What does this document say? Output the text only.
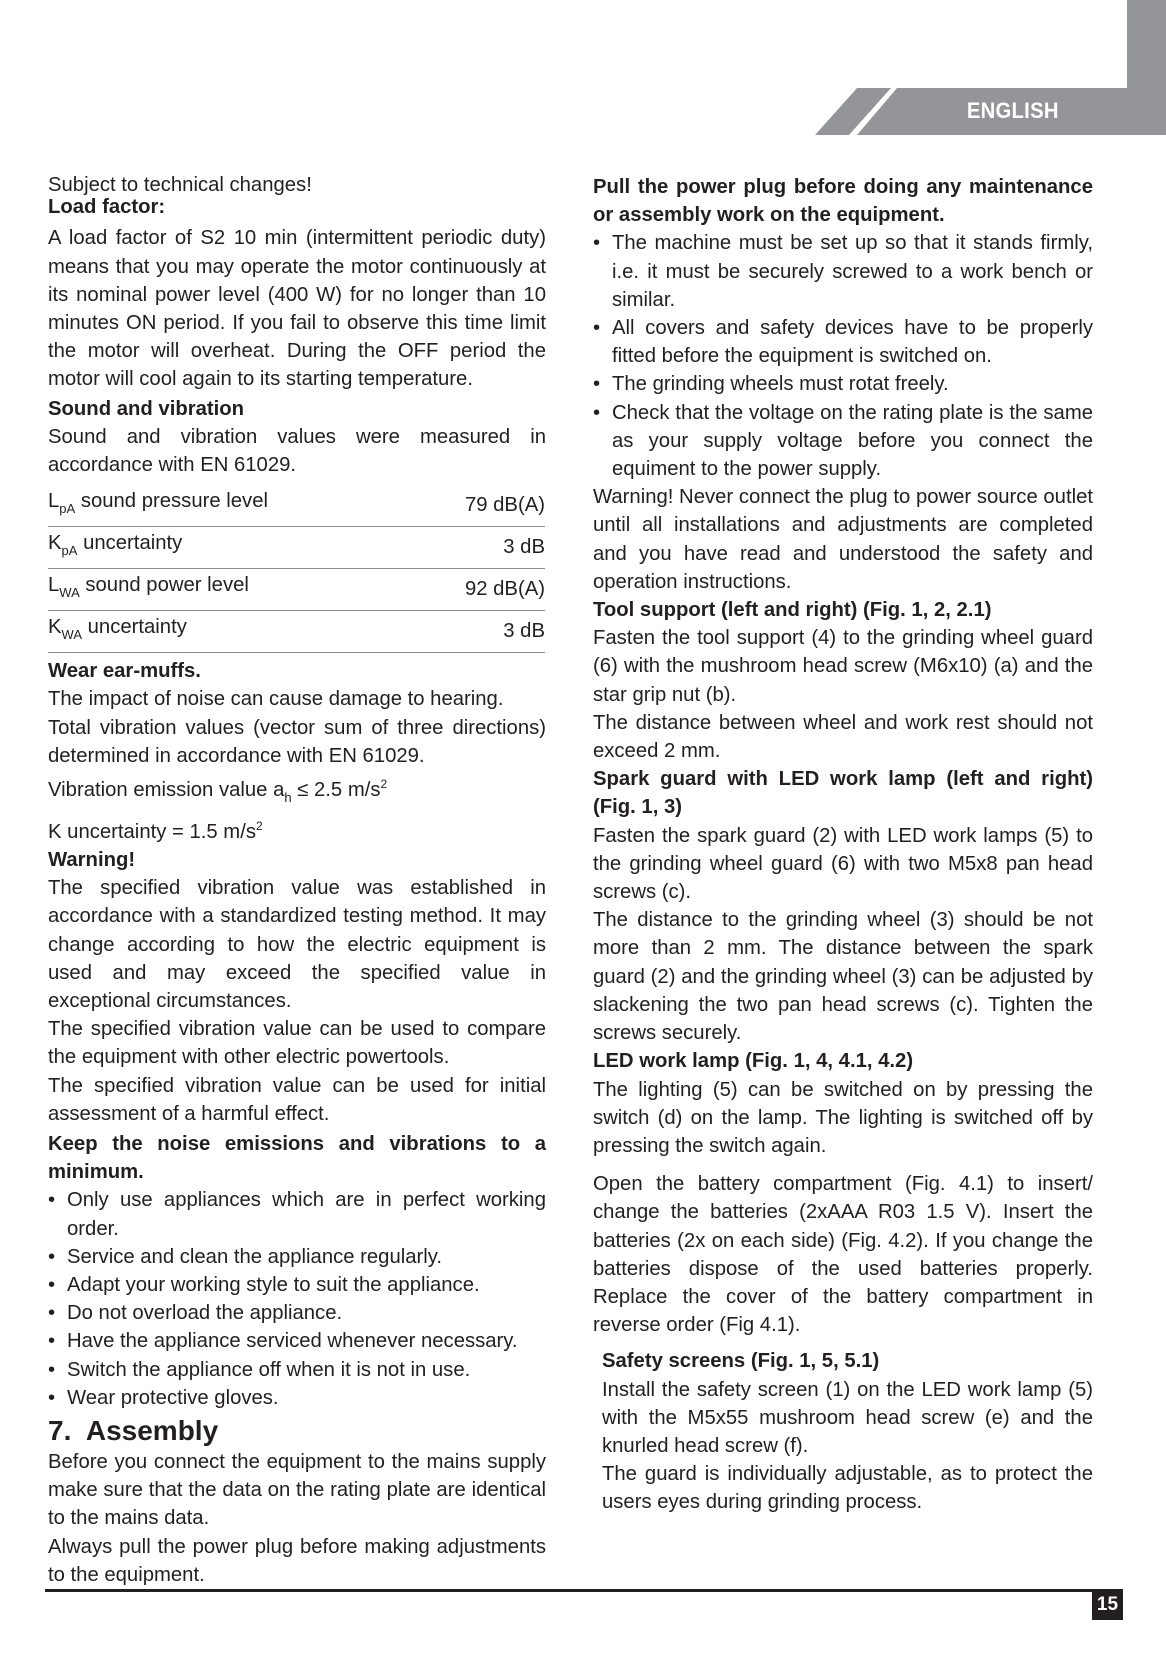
ENGLISH

Subject to technical changes!

Load factor:

A load factor of S2 10 min (intermittent periodic duty) means that you may operate the motor continuously at its nominal power level (400 W) for no longer than 10 minutes ON period. If you fail to observe this time limit the motor will overheat. During the OFF period the motor will cool again to its starting temperature.

Sound and vibration

Sound and vibration values were measured in accordance with EN 61029.

$L_{pA}$ sound pressure level	79 dB(A)
$K_{pA}$ uncertainty	3 dB
$L_{WA}$ sound power level	92 dB(A)
$K_{WA}$ uncertainty	3 dB

Wear ear-muffs.

The impact of noise can cause damage to hearing.

Total vibration values (vector sum of three directions) determined in accordance with EN 61029.

Vibration emission value $a_h \le 2.5$ $m/s^2$

K uncertainty = 1.5 $m/s^2$

Warning!

The specified vibration value was established in accordance with a standardized testing method. It may change according to how the electric equipment is used and may exceed the specified value in exceptional circumstances.

The specified vibration value can be used to compare the equipment with other electric powertools.

The specified vibration value can be used for initial assessment of a harmful effect.

Keep the noise emissions and vibrations to a minimum.

• Only use appliances which are in perfect working order.
• Service and clean the appliance regularly.
• Adapt your working style to suit the appliance.
• Do not overload the appliance.
• Have the appliance serviced whenever necessary.
• Switch the appliance off when it is not in use.
• Wear protective gloves.

7.  Assembly

Before you connect the equipment to the mains supply make sure that the data on the rating plate are identical to the mains data.

Always pull the power plug before making adjustments to the equipment.

Pull the power plug before doing any maintenance or assembly work on the equipment.

• The machine must be set up so that it stands firmly, i.e. it must be securely screwed to a work bench or similar.
• All covers and safety devices have to be properly fitted before the equipment is switched on.
• The grinding wheels must rotat freely.
• Check that the voltage on the rating plate is the same as your supply voltage before you connect the equiment to the power supply.

Warning! Never connect the plug to power source outlet until all installations and adjustments are completed and you have read and understood the safety and operation instructions.

Tool support (left and right) (Fig. 1, 2, 2.1)

Fasten the tool support (4) to the grinding wheel guard (6) with the mushroom head screw (M6x10) (a) and the star grip nut (b).

The distance between wheel and work rest should not exceed 2 mm.

Spark guard with LED work lamp (left and right) (Fig. 1, 3)

Fasten the spark guard (2) with LED work lamps (5) to the grinding wheel guard (6) with two M5x8 pan head screws (c).

The distance to the grinding wheel (3) should be not more than 2 mm. The distance between the spark guard (2) and the grinding wheel (3) can be adjusted by slackening the two pan head screws (c). Tighten the screws securely.

LED work lamp (Fig. 1, 4, 4.1, 4.2)

The lighting (5) can be switched on by pressing the switch (d) on the lamp. The lighting is switched off by pressing the switch again.

Open the battery compartment (Fig. 4.1) to insert/ change the batteries (2xAAA R03 1.5 V). Insert the batteries (2x on each side) (Fig. 4.2). If you change the batteries dispose of the used batteries properly. Replace the cover of the battery compartment in reverse order (Fig 4.1).

Safety screens (Fig. 1, 5, 5.1)

Install the safety screen (1) on the LED work lamp (5) with the M5x55 mushroom head screw (e) and the knurled head screw (f).

The guard is individually adjustable, as to protect the users eyes during grinding process.

15
